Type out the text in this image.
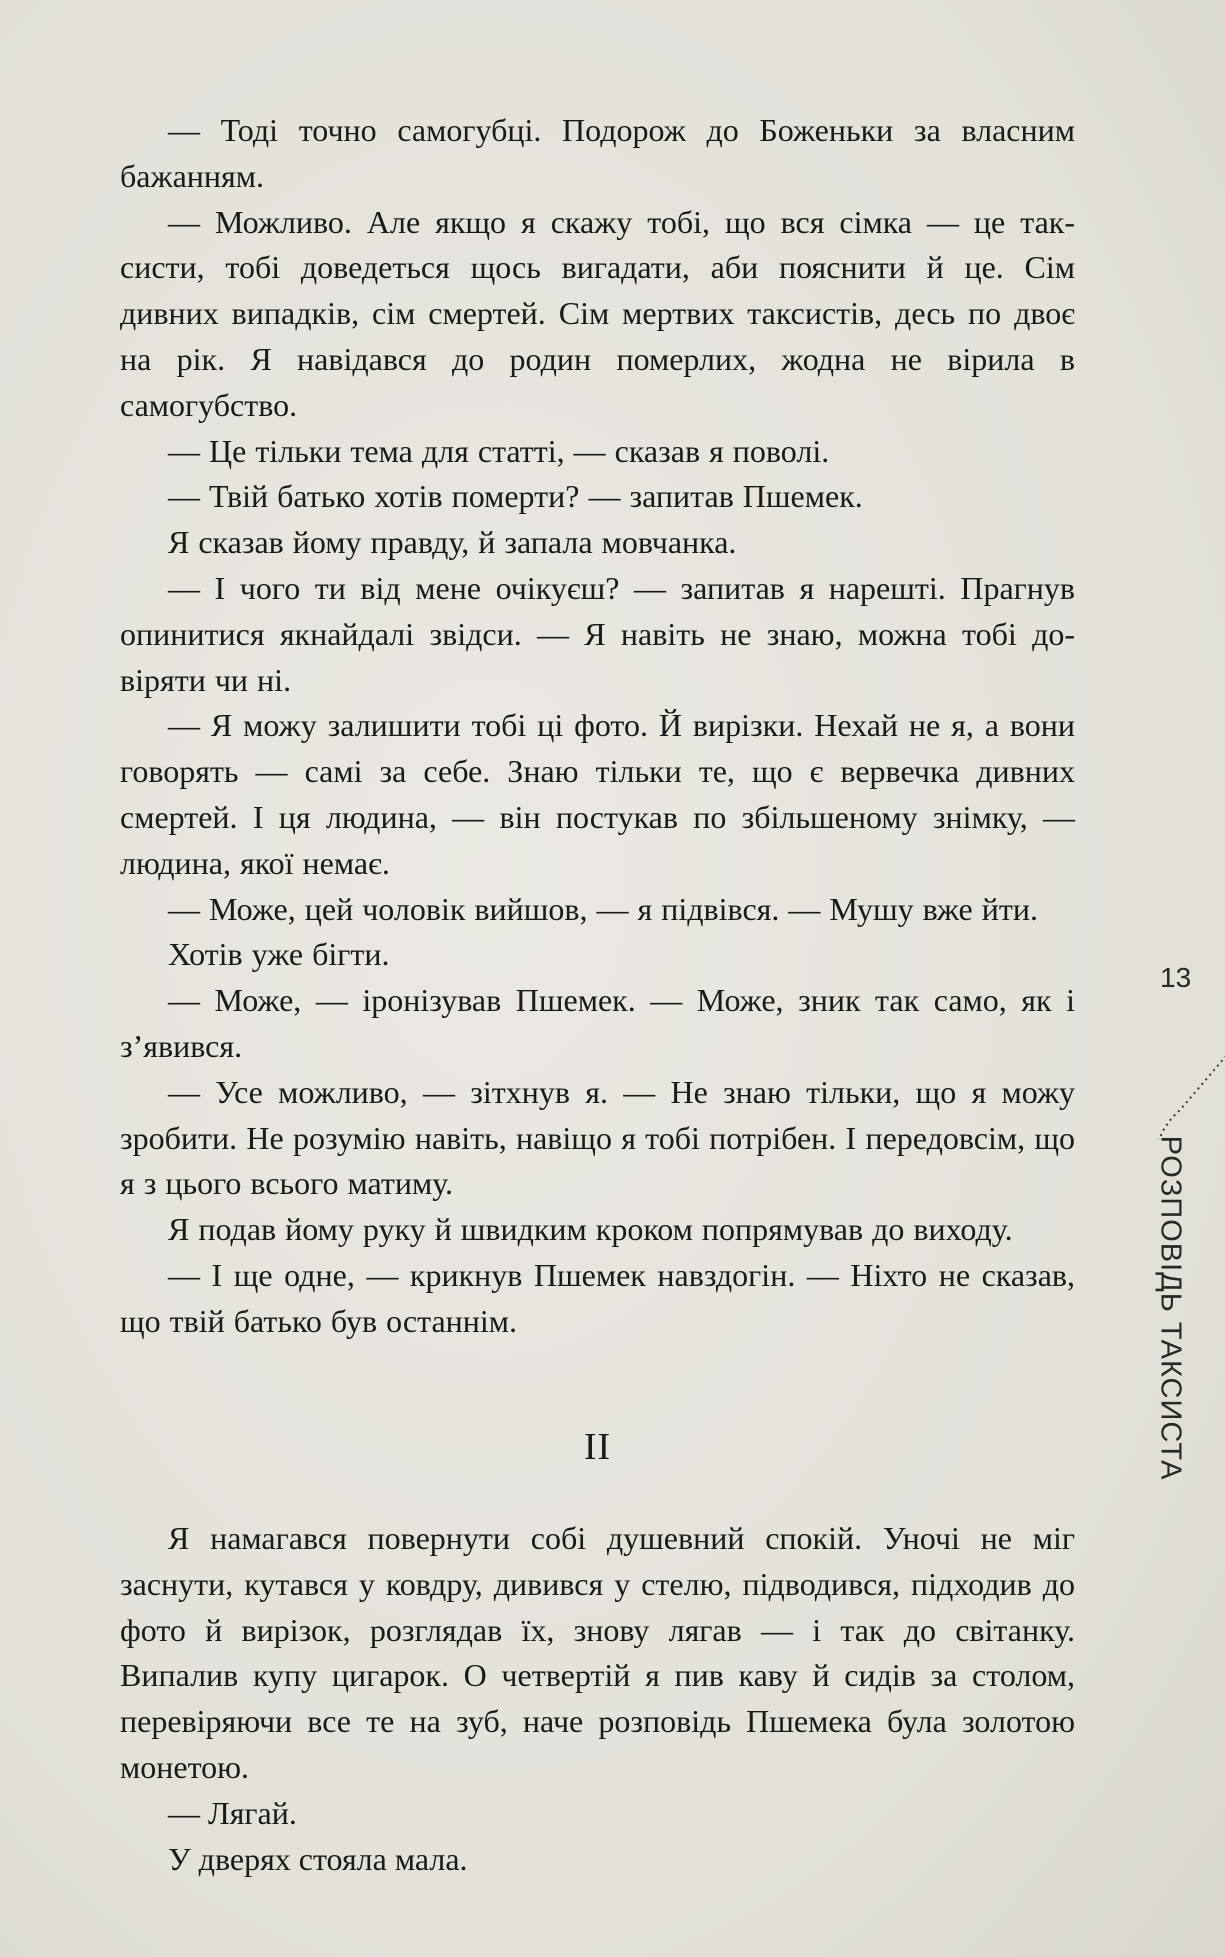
— Тоді точно самогубці. Подорож до Боженьки за власним бажанням.

— Можливо. Але якщо я скажу тобі, що вся сімка — це таксисти, тобі доведеться щось вигадати, аби пояснити й це. Сім дивних випадків, сім смертей. Сім мертвих таксистів, десь по двоє на рік. Я навідався до родин померлих, жодна не вірила в самогубство.

— Це тільки тема для статті, — сказав я поволі.

— Твій батько хотів померти? — запитав Пшемек.

Я сказав йому правду, й запала мовчанка.

— І чого ти від мене очікуєш? — запитав я нарешті. Прагнув опинитися якнайдалі звідси. — Я навіть не знаю, можна тобі довіряти чи ні.

— Я можу залишити тобі ці фото. Й вирізки. Нехай не я, а вони говорять — самі за себе. Знаю тільки те, що є вервечка дивних смертей. І ця людина, — він постукав по збільшеному знімку, — людина, якої немає.

— Може, цей чоловік вийшов, — я підвівся. — Мушу вже йти.

Хотів уже бігти.

— Може, — іронізував Пшемек. — Може, зник так само, як і з’явився.

— Усе можливо, — зітхнув я. — Не знаю тільки, що я можу зробити. Не розумію навіть, навіщо я тобі потрібен. І передовсім, що я з цього всього матиму.

Я подав йому руку й швидким кроком попрямував до виходу.

— І ще одне, — крикнув Пшемек навздогін. — Ніхто не сказав, що твій батько був останнім.

II

Я намагався повернути собі душевний спокій. Уночі не міг заснути, кутався у ковдру, дивився у стелю, підводився, підходив до фото й вирізок, розглядав їх, знову лягав — і так до світанку. Випалив купу цигарок. О четвертій я пив каву й сидів за столом, перевіряючи все те на зуб, наче розповідь Пшемека була золотою монетою.

— Лягай.

У дверях стояла мала.

13
РОЗПОВІДЬ ТАКСИСТА
